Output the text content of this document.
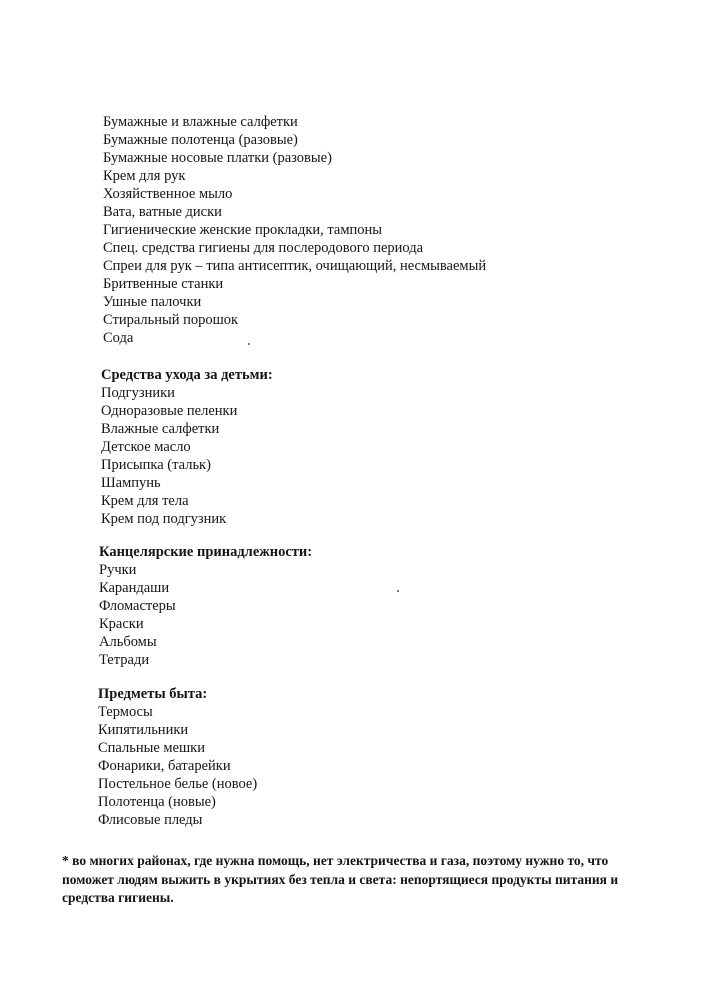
Бумажные и влажные салфетки
Бумажные полотенца (разовые)
Бумажные носовые платки (разовые)
Крем для рук
Хозяйственное мыло
Вата, ватные диски
Гигиенические женские прокладки, тампоны
Спец. средства гигиены для послеродового периода
Спреи для рук – типа антисептик, очищающий, несмываемый
Бритвенные станки
Ушные палочки
Стиральный порошок
Сода
Средства ухода за детьми:
Подгузники
Одноразовые пеленки
Влажные салфетки
Детское масло
Присыпка (тальк)
Шампунь
Крем для тела
Крем под подгузник
Канцелярские принадлежности:
Ручки
Карандаши
Фломастеры
Краски
Альбомы
Тетради
Предметы быта:
Термосы
Кипятильники
Спальные мешки
Фонарики, батарейки
Постельное белье (новое)
Полотенца (новые)
Флисовые пледы
* во многих районах, где нужна помощь, нет электричества и газа, поэтому нужно то, что поможет людям выжить в укрытиях без тепла и света: непортящиеся продукты питания и средства гигиены.
